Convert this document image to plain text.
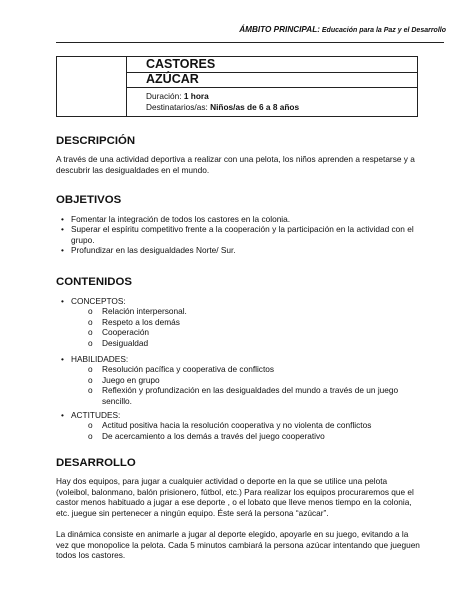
ÁMBITO PRINCIPAL: Educación para la Paz y el Desarrollo
CASTORES
AZÚCAR
Duración: 1 hora
Destinatarios/as: Niños/as de 6 a 8 años
DESCRIPCIÓN

A través de una actividad deportiva a realizar con una pelota, los niños aprenden a respetarse y a descubrir las desigualdades en el mundo.

OBJETIVOS
• Fomentar la integración de todos los castores en la colonia.
• Superar el espíritu competitivo frente a la cooperación y la participación en la actividad con el grupo.
• Profundizar en las desigualdades Norte/ Sur.
CONTENIDOS
• CONCEPTOS:
o Relación interpersonal.
o Respeto a los demás
o Cooperación
o Desigualdad
• HABILIDADES:
o Resolución pacífica y cooperativa de conflictos
o Juego en grupo
o Reflexión y profundización en las desigualdades del mundo a través de un juego sencillo.
• ACTITUDES:
o Actitud positiva hacia la resolución cooperativa y no violenta de conflictos
o De acercamiento a los demás a través del juego cooperativo
DESARROLLO

Hay dos equipos, para jugar a cualquier actividad o deporte en la que se utilice una pelota (voleibol, balonmano, balón prisionero, fútbol, etc.) Para realizar los equipos procuraremos que el castor menos habituado a jugar a ese deporte , o el lobato que lleve menos tiempo en la colonia, etc. juegue sin pertenecer a ningún equipo. Éste será la persona “azúcar”.

La dinámica consiste en animarle a jugar al deporte elegido, apoyarle en su juego, evitando a la vez que monopolice la pelota. Cada 5 minutos cambiará la persona azúcar intentando que jueguen todos los castores.
